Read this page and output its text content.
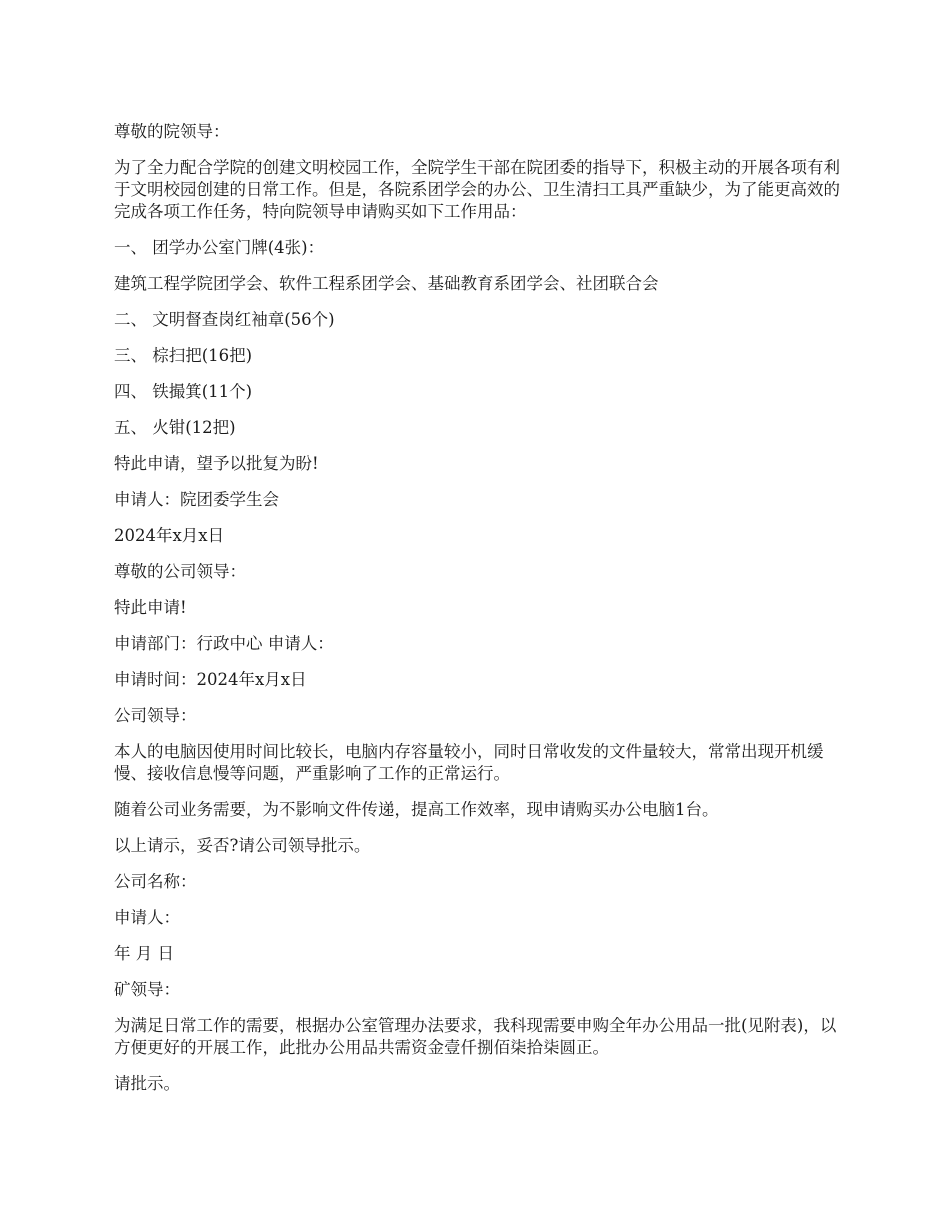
尊敬的院领导：

为了全力配合学院的创建文明校园工作，全院学生干部在院团委的指导下，积极主动的开展各项有利于文明校园创建的日常工作。但是，各院系团学会的办公、卫生清扫工具严重缺少，为了能更高效的完成各项工作任务，特向院领导申请购买如下工作用品：

一、 团学办公室门牌(4张)：

建筑工程学院团学会、软件工程系团学会、基础教育系团学会、社团联合会

二、 文明督查岗红袖章(56个)

三、 棕扫把(16把)

四、 铁撮箕(11个)

五、 火钳(12把)

特此申请，望予以批复为盼!

申请人：院团委学生会

2024年x月x日

尊敬的公司领导：

特此申请!

申请部门：行政中心 申请人：

申请时间：2024年x月x日

公司领导：

本人的电脑因使用时间比较长，电脑内存容量较小，同时日常收发的文件量较大，常常出现开机缓慢、接收信息慢等问题，严重影响了工作的正常运行。

随着公司业务需要，为不影响文件传递，提高工作效率，现申请购买办公电脑1台。

以上请示，妥否?请公司领导批示。

公司名称：

申请人：

年 月 日

矿领导：

为满足日常工作的需要，根据办公室管理办法要求，我科现需要申购全年办公用品一批(见附表)，以方便更好的开展工作，此批办公用品共需资金壹仟捌佰柒拾柒圆正。

请批示。
